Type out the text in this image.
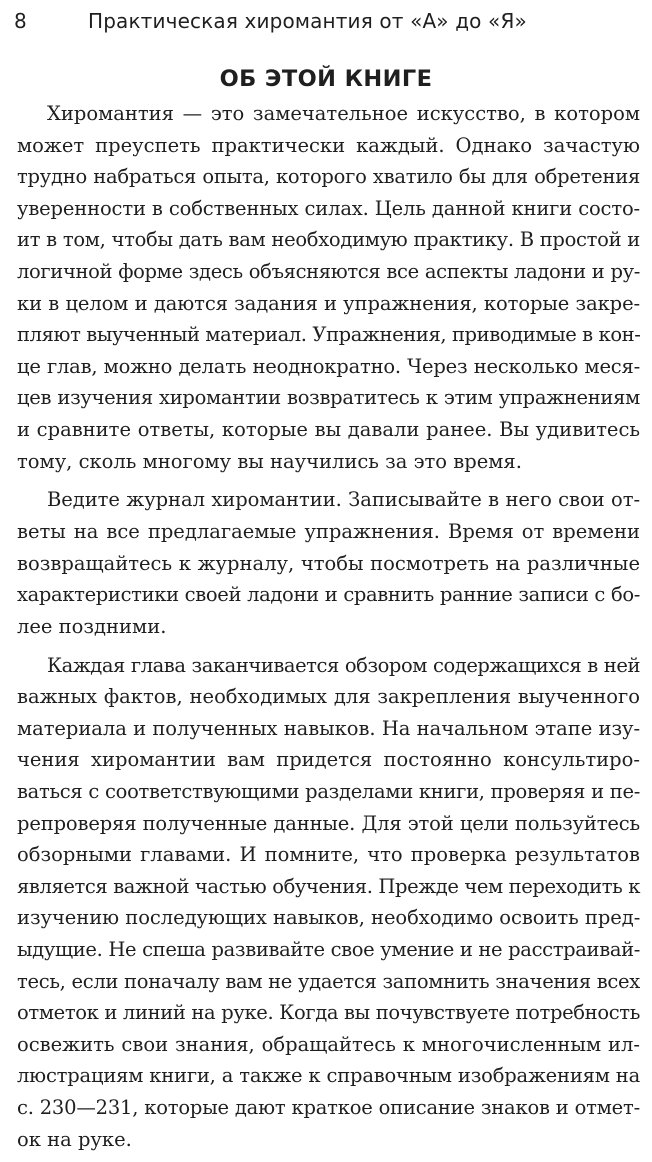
8	Практическая хиромантия от «А» до «Я»
ОБ ЭТОЙ КНИГЕ

Хиромантия — это замечательное искусство, в котором
может преуспеть практически каждый. Однако зачастую
трудно набраться опыта, которого хватило бы для обретения
уверенности в собственных силах. Цель данной книги состо-
ит в том, чтобы дать вам необходимую практику. В простой и
логичной форме здесь объясняются все аспекты ладони и ру-
ки в целом и даются задания и упражнения, которые закре-
пляют выученный материал. Упражнения, приводимые в кон-
це глав, можно делать неоднократно. Через несколько меся-
цев изучения хиромантии возвратитесь к этим упражнениям
и сравните ответы, которые вы давали ранее. Вы удивитесь
тому, сколь многому вы научились за это время.

Ведите журнал хиромантии. Записывайте в него свои от-
веты на все предлагаемые упражнения. Время от времени
возвращайтесь к журналу, чтобы посмотреть на различные
характеристики своей ладони и сравнить ранние записи с бо-
лее поздними.

Каждая глава заканчивается обзором содержащихся в ней
важных фактов, необходимых для закрепления выученного
материала и полученных навыков. На начальном этапе изу-
чения хиромантии вам придется постоянно консультиро-
ваться с соответствующими разделами книги, проверяя и пе-
репроверяя полученные данные. Для этой цели пользуйтесь
обзорными главами. И помните, что проверка результатов
является важной частью обучения. Прежде чем переходить к
изучению последующих навыков, необходимо освоить пред-
ыдущие. Не спеша развивайте свое умение и не расстраивай-
тесь, если поначалу вам не удается запомнить значения всех
отметок и линий на руке. Когда вы почувствуете потребность
освежить свои знания, обращайтесь к многочисленным ил-
люстрациям книги, а также к справочным изображениям на
с. 230—231, которые дают краткое описание знаков и отмет-
ок на руке.
